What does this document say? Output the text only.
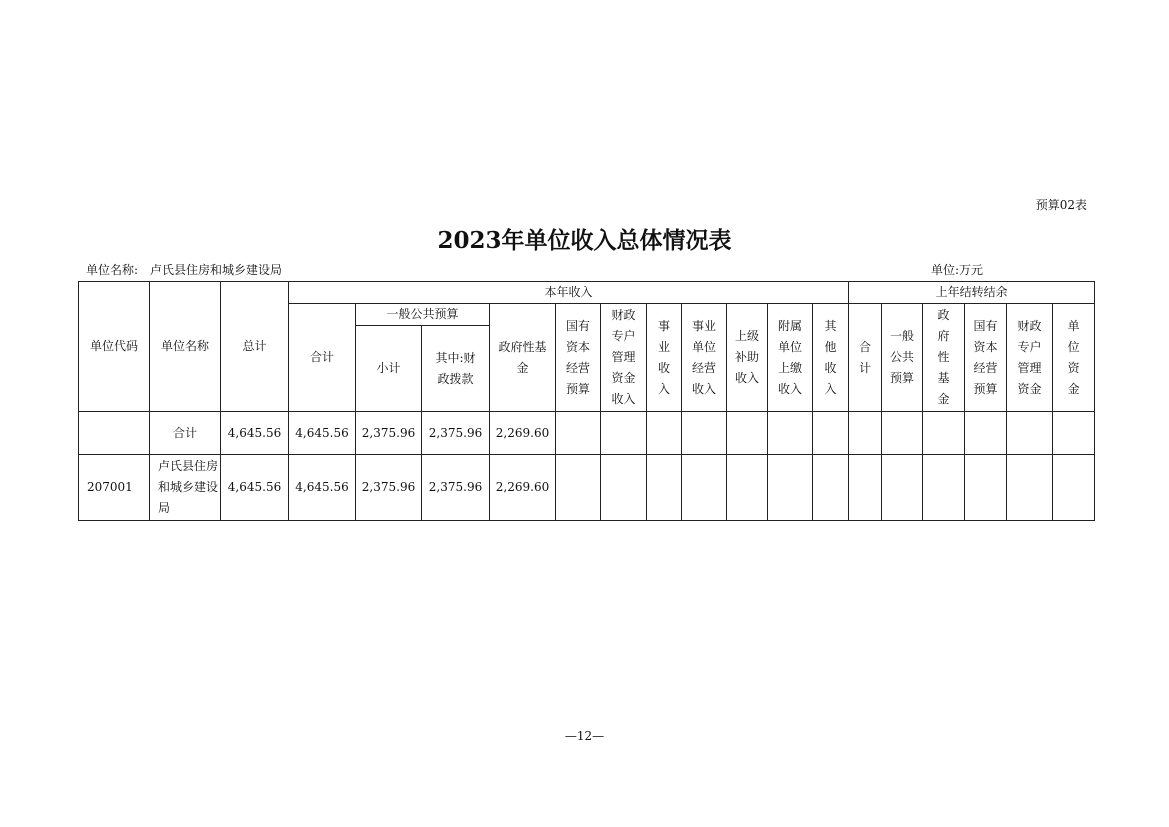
预算02表
2023年单位收入总体情况表
单位名称: 卢氏县住房和城乡建设局	单位:万元
单位代码	单位名称	总计	本年收入											上年结转结余					
			合计	一般公共预算		政府性基金	国有资本经营预算	财政专户管理资金收入	事业收入	事业单位经营收入	上级补助收入	附属单位上缴收入	其他收入	合计	一般公共预算	政府性基金	国有资本经营预算	财政专户管理资金	单位资金
				小计	其中:财政拨款														
	合计	4,645.56	4,645.56	2,375.96	2,375.96	2,269.60													
207001	卢氏县住房和城乡建设局	4,645.56	4,645.56	2,375.96	2,375.96	2,269.60													
—12—
